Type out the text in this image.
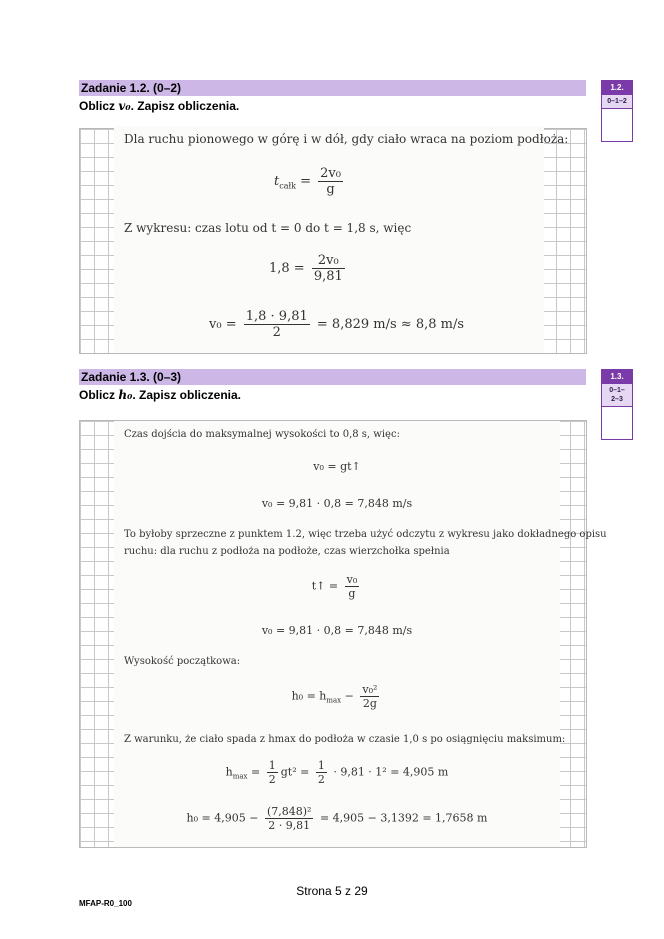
Zadanie 1.2. (0–2)
Oblicz v₀. Zapisz obliczenia.
1.2.
0–1–2
Dla ruchu pionowego w górę i w dół, gdy ciało wraca na poziom podłoża:
$t_{całk} = \frac{\text{2v₀}}{g}$
Z wykresu: czas lotu od t = 0 do t = 1,8 s, więc
$1,8 = \frac{\text{2v₀}}{9,81}$
$v_0 = \frac{1,8 \cdot 9,81}{2} = 8,829$ m/s ≈ 8,8 m/s
Zadanie 1.3. (0–3)
Oblicz h₀. Zapisz obliczenia.
1.3.
0–1–
2–3
Czas dojścia do maksymalnej wysokości to 0,8 s, więc:
v₀ = gt↑
v₀ = 9,81 · 0,8 = 7,848 m/s
To byłoby sprzeczne z punktem 1.2, więc trzeba użyć odczytu z wykresu jako dokładnego opisu
ruchu: dla ruchu z podłoża na podłoże, czas wierzchołka spełnia
t↑ = $\frac{\text{v₀}}{g}$
v₀ = 9,81 · 0,8 = 7,848 m/s
Wysokość początkowa:
$h_0 = h_{max} - \frac{\text{v₀²}}{2g}$
Z warunku, że ciało spada z hmax do podłoża w czasie 1,0 s po osiągnięciu maksimum:
$h_{max} = \frac{1}{2} gt^2 = \frac{1}{2} \cdot 9,81 \cdot 1^2 = 4,905$ m
$h_0 = 4,905 - \frac{\text{(7,848)²}}{2 \cdot 9,81} = 4,905 - 3,1392 = 1,7658$ m
Strona 5 z 29
MFAP-R0_100
